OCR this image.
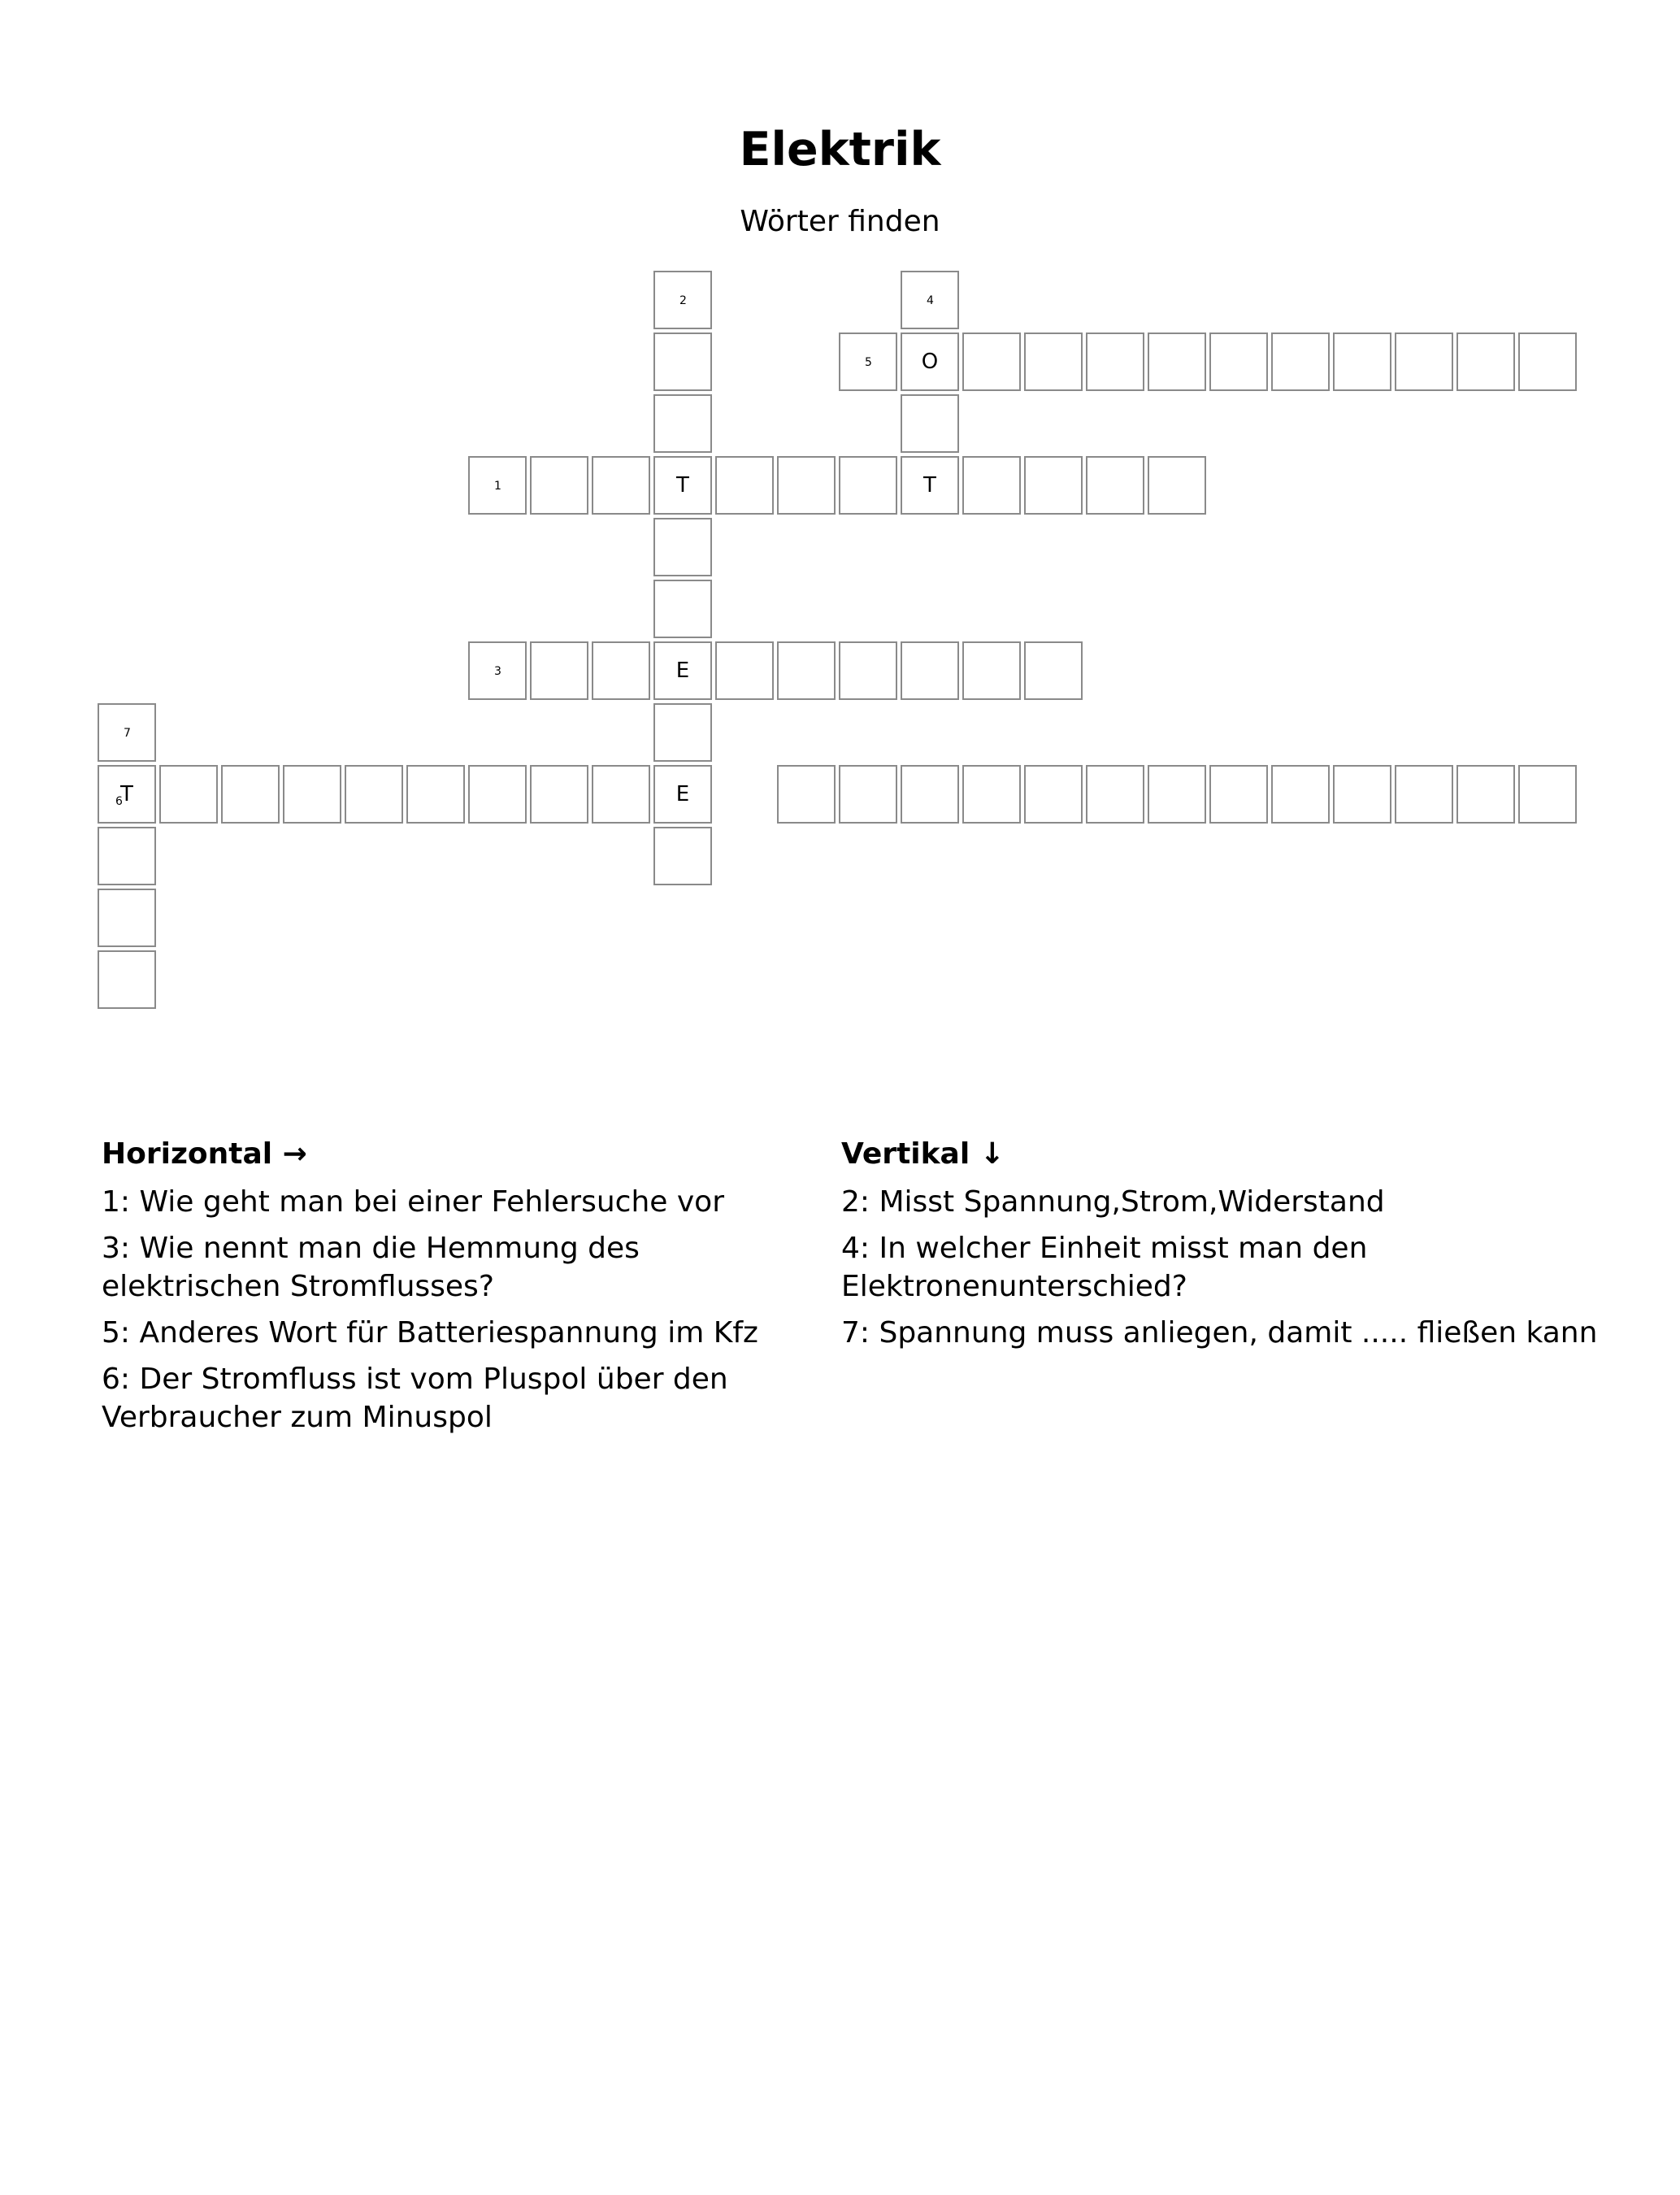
Elektrik
Wörter finden
2	4
5	O
1	T	T
3	E
7
6
T	E
Horizontal →
1: Wie geht man bei einer Fehlersuche vor
3: Wie nennt man die Hemmung des elektrischen Stromflusses?
5: Anderes Wort für Batteriespannung im Kfz
6: Der Stromfluss ist vom Pluspol über den Verbraucher zum Minuspol
Vertikal ↓
2: Misst Spannung,Strom,Widerstand
4: In welcher Einheit misst man den Elektronenunterschied?
7: Spannung muss anliegen, damit ..... fließen kann
